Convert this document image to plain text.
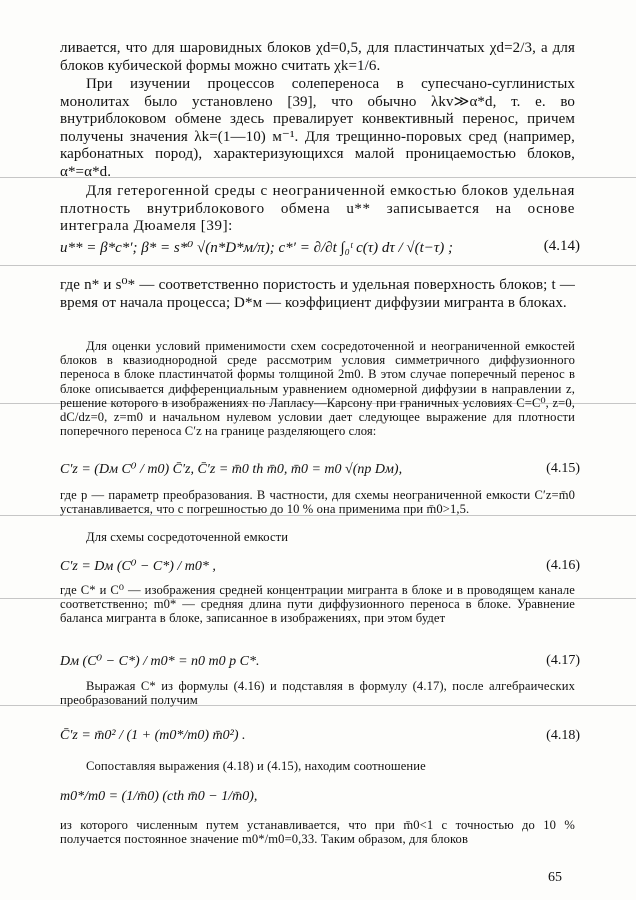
ливается, что для шаровидных блоков χd=0,5, для пластинчатых χd=2/3, а для блоков кубической формы можно считать χk=1/6.

При изучении процессов солепереноса в супесчано-суглинистых монолитах было установлено [39], что обычно λkv≫α*d, т. е. во внутриблоковом обмене здесь превалирует конвективный перенос, причем получены значения λk=(1—10) м⁻¹. Для трещинно-поровых сред (например, карбонатных пород), характеризующихся малой проницаемостью блоков, α*=α*d.

Для гетерогенной среды с неограниченной емкостью блоков удельная плотность внутриблокового обмена u** записывается на основе интеграла Дюамеля [39]:

u** = β*c*′; β* = s*⁰ √(n*D*м/π); c*′ = ∂/∂t ∫₀ᵗ c(τ) dτ / √(t−τ) ;	(4.14)

где n* и s⁰* — соответственно пористость и удельная поверхность блоков; t — время от начала процесса; D*м — коэффициент диффузии мигранта в блоках.

Для оценки условий применимости схем сосредоточенной и неограниченной емкостей блоков в квазиоднородной среде рассмотрим условия симметричного диффузионного переноса в блоке пластинчатой формы толщиной 2m0. В этом случае поперечный перенос в блоке описывается дифференциальным уравнением одномерной диффузии в направлении z, решение которого в изображениях по Лапласу—Карсону при граничных условиях C=C⁰, z=0, dC/dz=0, z=m0 и начальном нулевом условии дает следующее выражение для плотности поперечного переноса C′z на границе разделяющего слоя:

C′z = (Dм C⁰ / m0) C̄′z, C̄′z = m̄0 th m̄0, m̄0 = m0 √(np Dм),	(4.15)

где p — параметр преобразования. В частности, для схемы неограниченной емкости C′z=m̄0 устанавливается, что с погрешностью до 10 % она применима при m̄0>1,5.

Для схемы сосредоточенной емкости

C′z = Dм (C⁰ − C*) / m0* ,	(4.16)

где C* и C⁰ — изображения средней концентрации мигранта в блоке и в проводящем канале соответственно; m0* — средняя длина пути диффузионного переноса в блоке. Уравнение баланса мигранта в блоке, записанное в изображениях, при этом будет

Dм (C⁰ − C*) / m0* = n0 m0 p C*.	(4.17)

Выражая C* из формулы (4.16) и подставляя в формулу (4.17), после алгебраических преобразований получим

C̄′z = m̄0² / (1 + (m0*/m0) m̄0²) .	(4.18)

Сопоставляя выражения (4.18) и (4.15), находим соотношение

m0*/m0 = (1/m̄0) (cth m̄0 − 1/m̄0),

из которого численным путем устанавливается, что при m̄0<1 с точностью до 10 % получается постоянное значение m0*/m0=0,33. Таким образом, для блоков

65
